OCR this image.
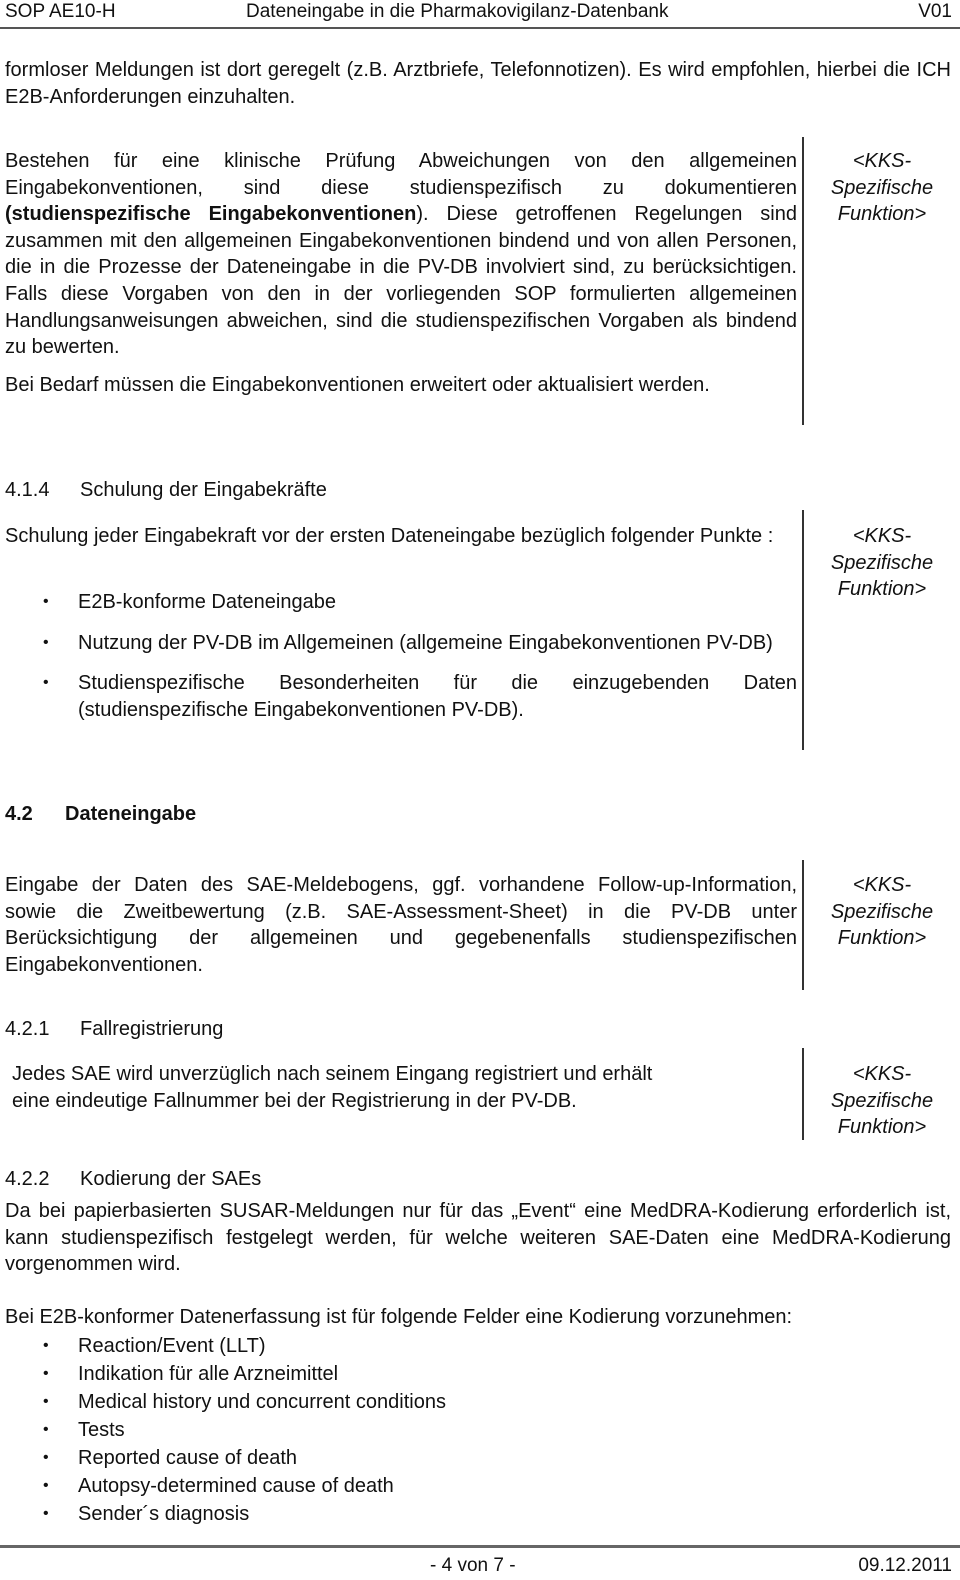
SOP AE10-H	Dateneingabe in die Pharmakovigilanz-Datenbank	V01
formloser Meldungen ist dort geregelt (z.B. Arztbriefe, Telefonnotizen). Es wird empfohlen, hierbei die ICH E2B-Anforderungen einzuhalten.
Bestehen für eine klinische Prüfung Abweichungen von den allgemeinen Eingabekonventionen, sind diese studienspezifisch zu dokumentieren (studienspezifische Eingabekonventionen). Diese getroffenen Regelungen sind zusammen mit den allgemeinen Eingabekonventionen bindend und von allen Personen, die in die Prozesse der Dateneingabe in die PV-DB involviert sind, zu berücksichtigen. Falls diese Vorgaben von den in der vorliegenden SOP formulierten allgemeinen Handlungsanweisungen abweichen, sind die studienspezifischen Vorgaben als bindend zu bewerten.
Bei Bedarf müssen die Eingabekonventionen erweitert oder aktualisiert werden.
<KKS-
Spezifische
Funktion>
4.1.4 Schulung der Eingabekräfte
Schulung jeder Eingabekraft vor der ersten Dateneingabe bezüglich folgender Punkte :
• E2B-konforme Dateneingabe
• Nutzung der PV-DB im Allgemeinen (allgemeine Eingabekonventionen PV-DB)
• Studienspezifische Besonderheiten für die einzugebenden Daten (studienspezifische Eingabekonventionen PV-DB).
<KKS-
Spezifische
Funktion>
4.2 Dateneingabe
Eingabe der Daten des SAE-Meldebogens, ggf. vorhandene Follow-up-Information, sowie die Zweitbewertung (z.B. SAE-Assessment-Sheet) in die PV-DB unter Berücksichtigung der allgemeinen und gegebenenfalls studienspezifischen Eingabekonventionen.
<KKS-
Spezifische
Funktion>
4.2.1 Fallregistrierung
Jedes SAE wird unverzüglich nach seinem Eingang registriert und erhält
eine eindeutige Fallnummer bei der Registrierung in der PV-DB.
<KKS-
Spezifische
Funktion>
4.2.2 Kodierung der SAEs
Da bei papierbasierten SUSAR-Meldungen nur für das „Event“ eine MedDRA-Kodierung erforderlich ist, kann studienspezifisch festgelegt werden, für welche weiteren SAE-Daten eine MedDRA-Kodierung vorgenommen wird.
Bei E2B-konformer Datenerfassung ist für folgende Felder eine Kodierung vorzunehmen:
• Reaction/Event (LLT)
• Indikation für alle Arzneimittel
• Medical history und concurrent conditions
• Tests
• Reported cause of death
• Autopsy-determined cause of death
• Sender´s diagnosis
- 4 von 7 -	09.12.2011
